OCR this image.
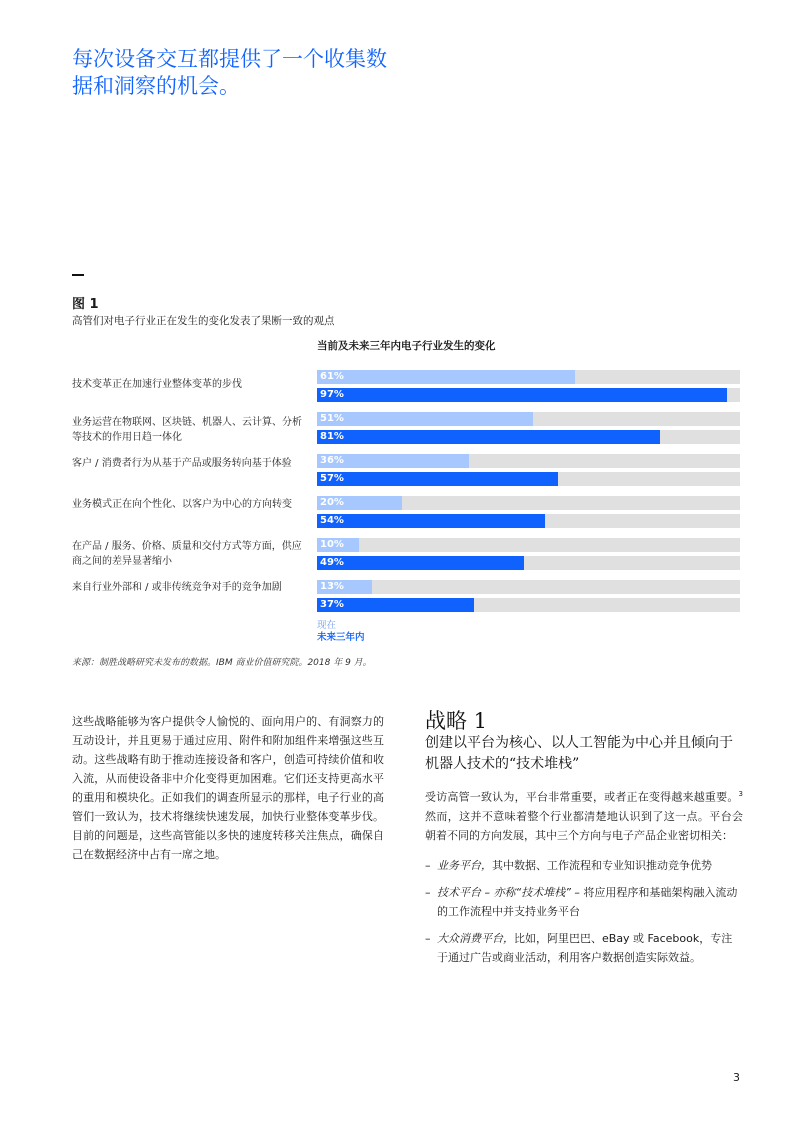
每次设备交互都提供了一个收集数据和洞察的机会。
图 1
高管们对电子行业正在发生的变化发表了果断一致的观点
当前及未来三年内电子行业发生的变化
技术变革正在加速行业整体变革的步伐
61%
97%
业务运营在物联网、区块链、机器人、云计算、分析等技术的作用日趋一体化
51%
81%
客户 / 消费者行为从基于产品或服务转向基于体验	36%
57%
业务模式正在向个性化、以客户为中心的方向转变	20%
54%
在产品 / 服务、价格、质量和交付方式等方面，供应商之间的差异显著缩小
10%
49%
来自行业外部和 / 或非传统竞争对手的竞争加剧	13%
37%
现在
未来三年内
来源：制胜战略研究未发布的数据。IBM 商业价值研究院。2018 年 9 月。
这些战略能够为客户提供令人愉悦的、面向用户的、有洞察力的互动设计，并且更易于通过应用、附件和附加组件来增强这些互动。这些战略有助于推动连接设备和客户，创造可持续价值和收入流，从而使设备非中介化变得更加困难。它们还支持更高水平的重用和模块化。正如我们的调查所显示的那样，电子行业的高管们一致认为，技术将继续快速发展，加快行业整体变革步伐。目前的问题是，这些高管能以多快的速度转移关注焦点，确保自己在数据经济中占有一席之地。
战略 1
创建以平台为核心、以人工智能为中心并且倾向于机器人技术的“技术堆栈”
受访高管一致认为，平台非常重要，或者正在变得越来越重要。$^3$ 然而，这并不意味着整个行业都清楚地认识到了这一点。平台会朝着不同的方向发展，其中三个方向与电子产品企业密切相关：
– 业务平台，其中数据、工作流程和专业知识推动竞争优势
– 技术平台 – 亦称“技术堆栈” – 将应用程序和基础架构融入流动的工作流程中并支持业务平台
– 大众消费平台，比如，阿里巴巴、eBay 或 Facebook，专注于通过广告或商业活动，利用客户数据创造实际效益。
3
